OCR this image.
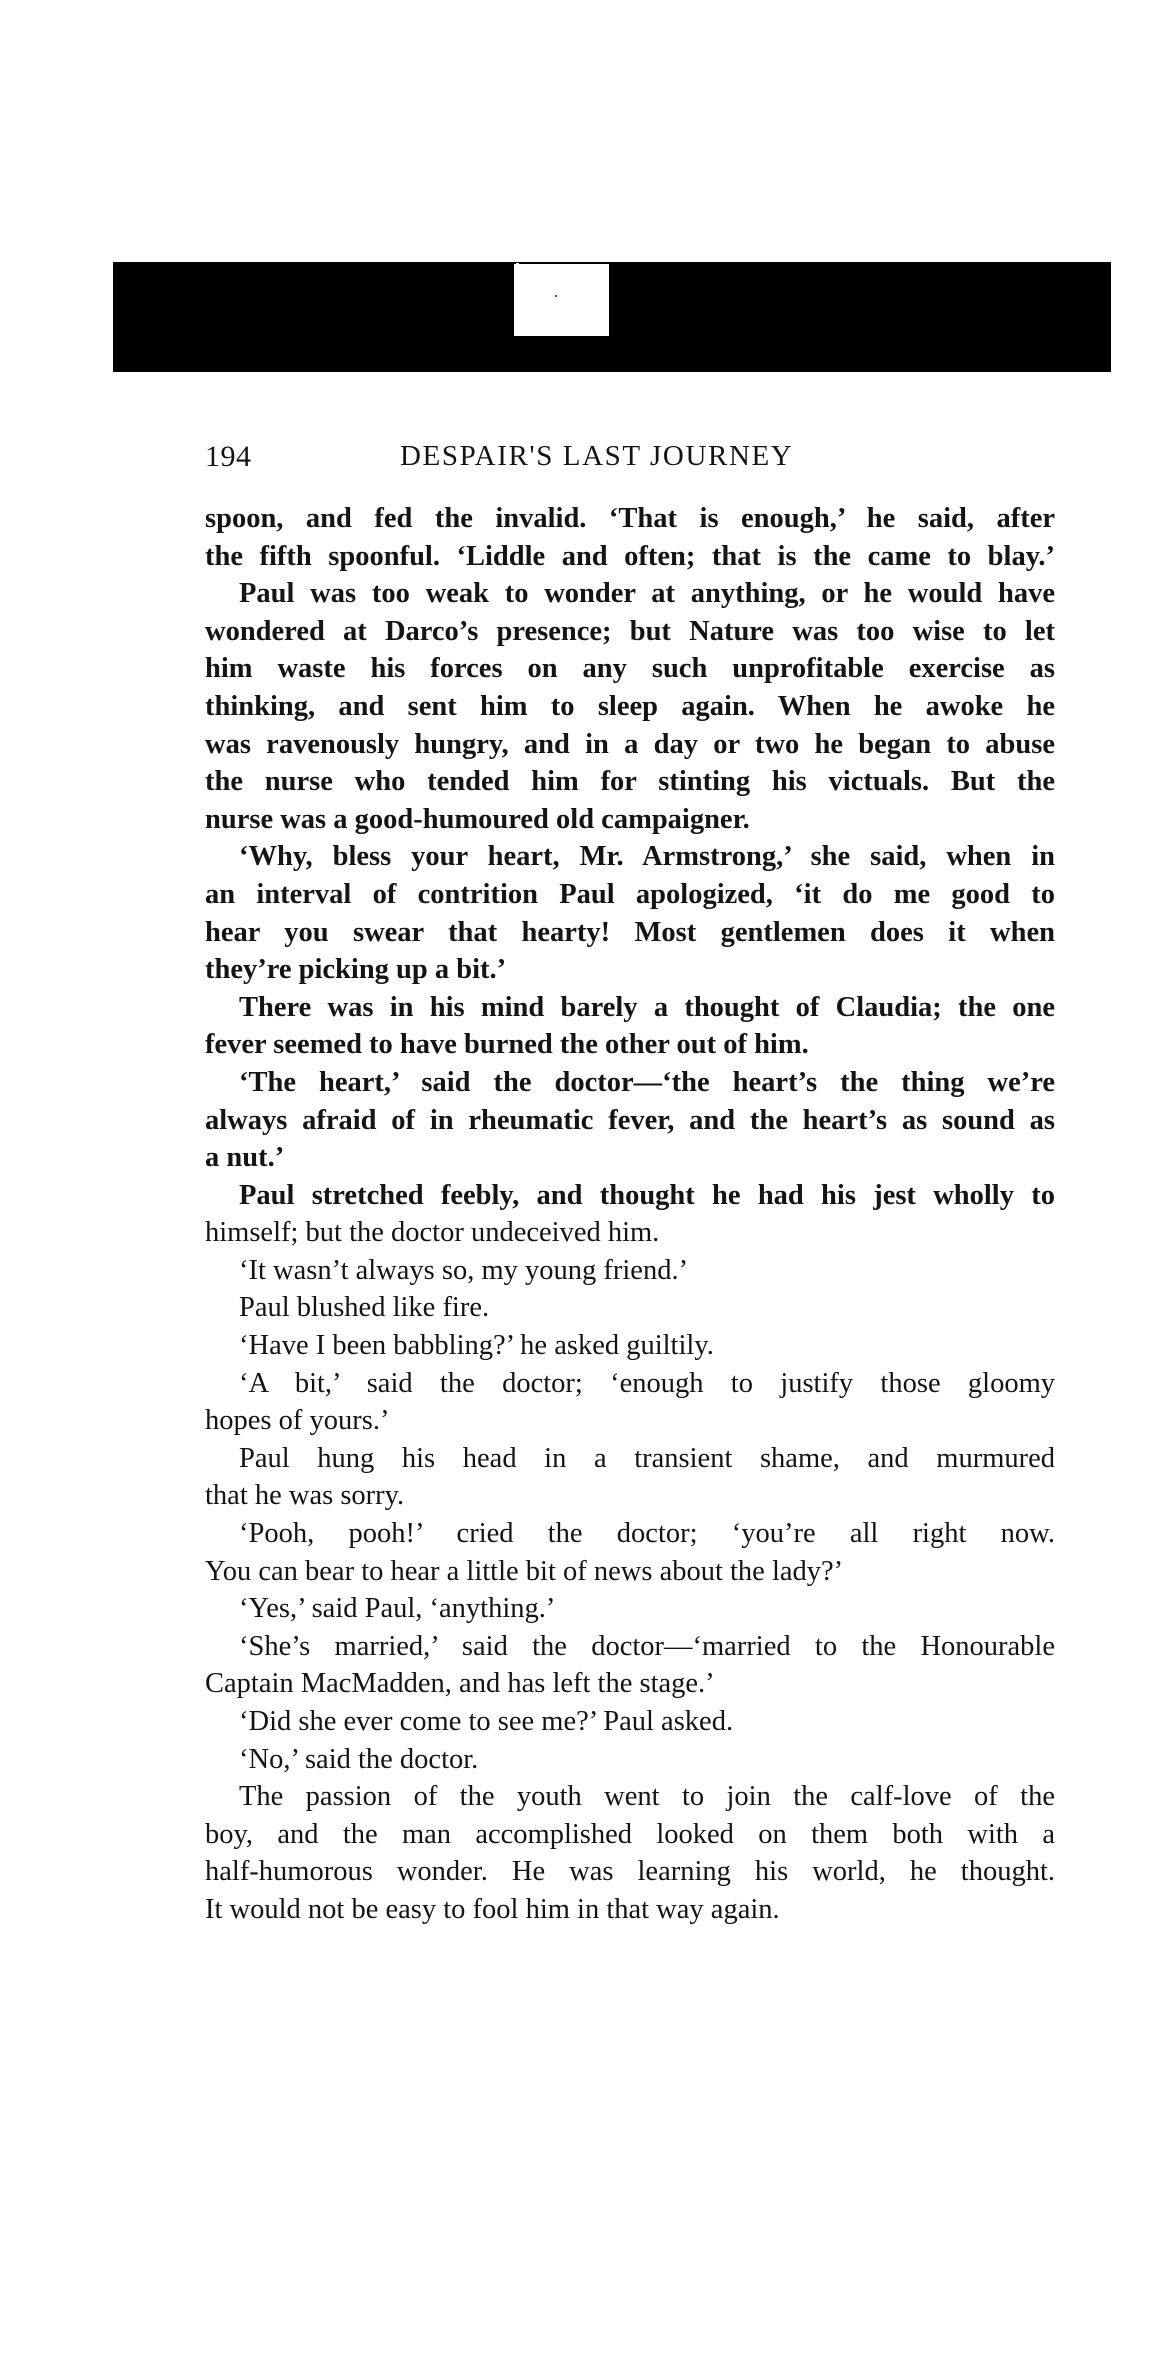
194	DESPAIR'S LAST JOURNEY
spoon, and fed the invalid. ‘That is enough,’ he said, after
the fifth spoonful. ‘Liddle and often; that is the came to blay.’
Paul was too weak to wonder at anything, or he would have
wondered at Darco’s presence; but Nature was too wise to let
him waste his forces on any such unprofitable exercise as
thinking, and sent him to sleep again. When he awoke he
was ravenously hungry, and in a day or two he began to abuse
the nurse who tended him for stinting his victuals. But the
nurse was a good-humoured old campaigner.
‘Why, bless your heart, Mr. Armstrong,’ she said, when in
an interval of contrition Paul apologized, ‘it do me good to
hear you swear that hearty! Most gentlemen does it when
they’re picking up a bit.’
There was in his mind barely a thought of Claudia; the one
fever seemed to have burned the other out of him.
‘The heart,’ said the doctor—‘the heart’s the thing we’re
always afraid of in rheumatic fever, and the heart’s as sound as
a nut.’
Paul stretched feebly, and thought he had his jest wholly to
himself; but the doctor undeceived him.
‘It wasn’t always so, my young friend.’
Paul blushed like fire.
‘Have I been babbling?’ he asked guiltily.
‘A bit,’ said the doctor; ‘enough to justify those gloomy
hopes of yours.’
Paul hung his head in a transient shame, and murmured
that he was sorry.
‘Pooh, pooh!’ cried the doctor; ‘you’re all right now.
You can bear to hear a little bit of news about the lady?’
‘Yes,’ said Paul, ‘anything.’
‘She’s married,’ said the doctor—‘married to the Honourable
Captain MacMadden, and has left the stage.’
‘Did she ever come to see me?’ Paul asked.
‘No,’ said the doctor.
The passion of the youth went to join the calf-love of the
boy, and the man accomplished looked on them both with a
half-humorous wonder. He was learning his world, he thought.
It would not be easy to fool him in that way again.
